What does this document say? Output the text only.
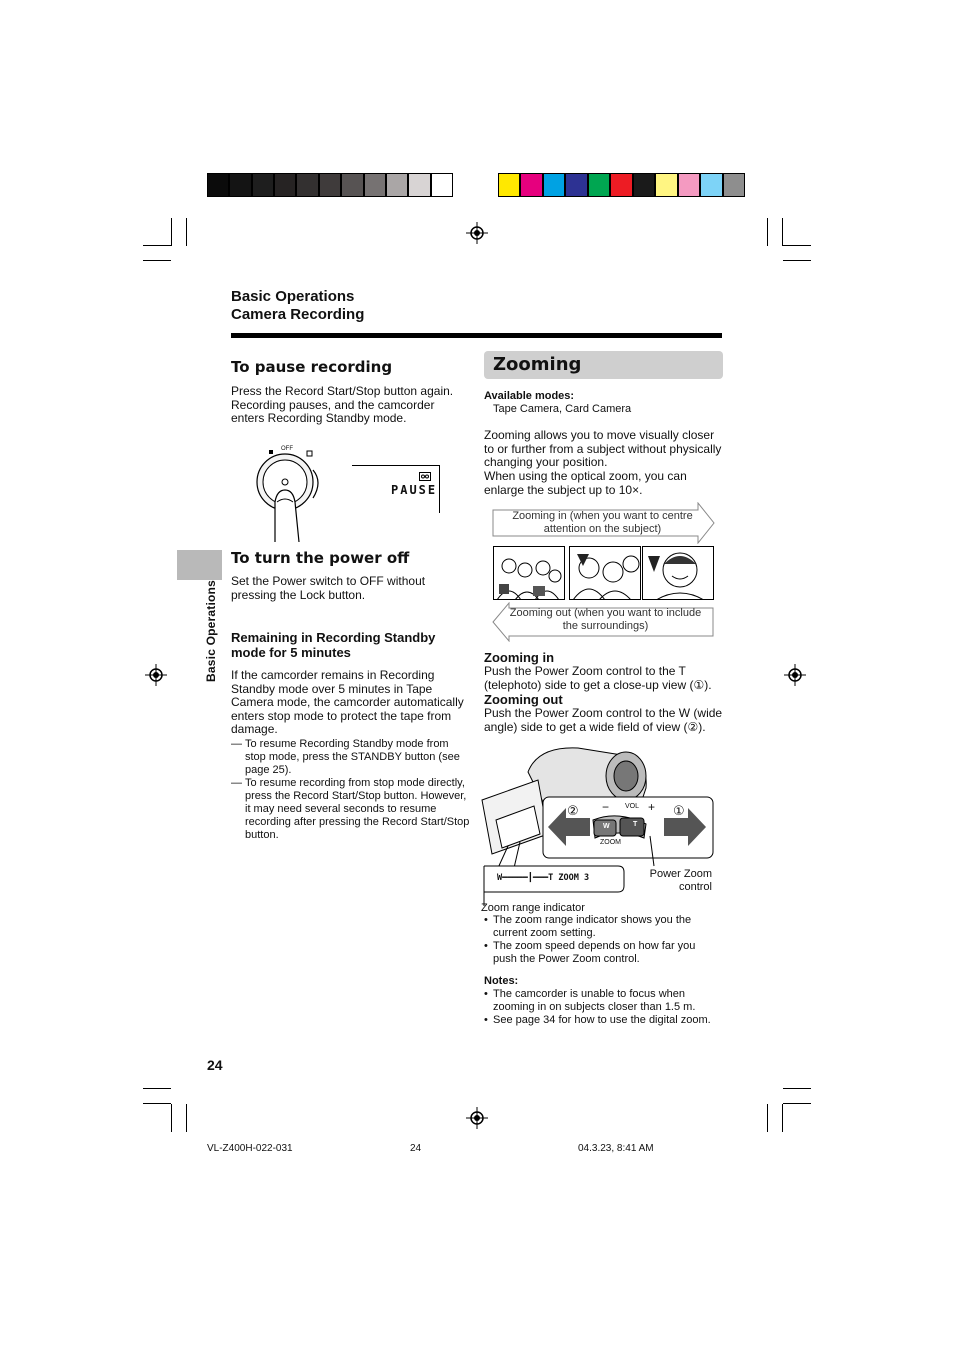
Basic Operations
Camera Recording
Basic Operations
To pause recording
Press the Record Start/Stop button again. Recording pauses, and the camcorder enters Recording Standby mode.
OFF
PAUSE
To turn the power off
Set the Power switch to OFF without pressing the Lock button.
Remaining in Recording Standby mode for 5 minutes
If the camcorder remains in Recording Standby mode over 5 minutes in Tape Camera mode, the camcorder automatically enters stop mode to protect the tape from damage.
— To resume Recording Standby mode from stop mode, press the STANDBY button (see page 25).
— To resume recording from stop mode directly, press the Record Start/Stop button. However, it may need several seconds to resume recording after pressing the Record Start/Stop button.
Zooming
Available modes:
Tape Camera, Card Camera
Zooming allows you to move visually closer to or further from a subject without physically changing your position.
When using the optical zoom, you can enlarge the subject up to 10×.
Zooming in (when you want to centre attention on the subject)
Zooming out (when you want to include the surroundings)
Zooming in
Push the Power Zoom control to the T (telephoto) side to get a close-up view (①).
Zooming out
Push the Power Zoom control to the W (wide angle) side to get a wide field of view (②).
W	T
ZOOM
VOL
−	+
②	①
W━━━━━┃━━━T ZOOM 3	Power Zoom
control
Zoom range indicator
• The zoom range indicator shows you the current zoom setting.
• The zoom speed depends on how far you push the Power Zoom control.
Notes:
• The camcorder is unable to focus when zooming in on subjects closer than 1.5 m.
• See page 34 for how to use the digital zoom.
24
VL-Z400H-022-031	24	04.3.23, 8:41 AM
